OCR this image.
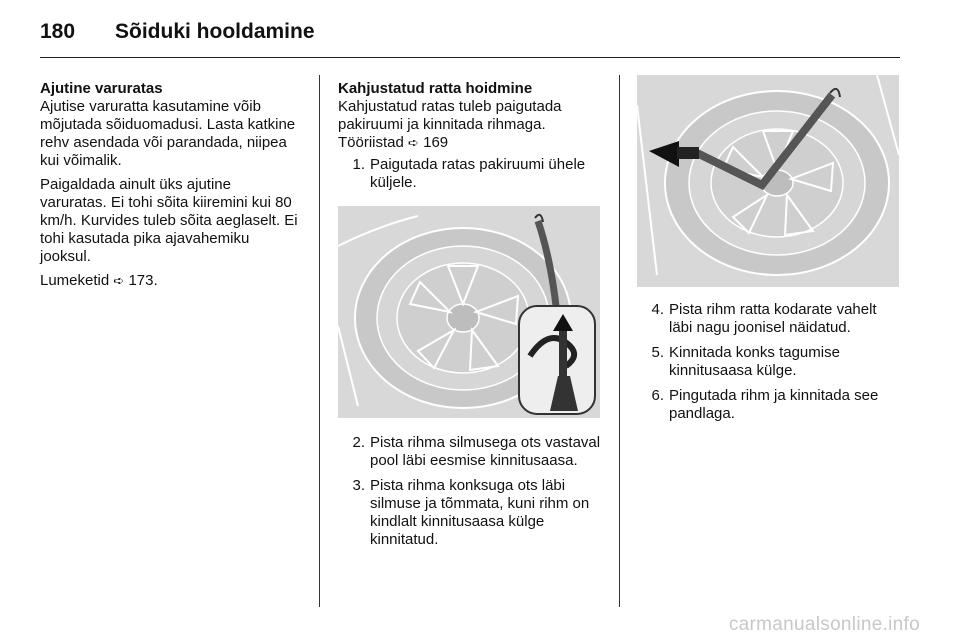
180	Sõiduki hooldamine
Ajutine varuratas

Ajutise varuratta kasutamine võib mõjutada sõiduomadusi. Lasta katkine rehv asendada või parandada, niipea kui võimalik.

Paigaldada ainult üks ajutine varuratas. Ei tohi sõita kiiremini kui 80 km/h. Kurvides tuleb sõita aeglaselt. Ei tohi kasutada pika ajavahemiku jooksul.

Lumeketid ➪ 173.

Kahjustatud ratta hoidmine
Kahjustatud ratas tuleb paigutada pakiruumi ja kinnitada rihmaga.
Tööriistad ➪ 169
1. Paigutada ratas pakiruumi ühele küljele.
2. Pista rihma silmusega ots vastaval pool läbi eesmise kinnitusaasa.
3. Pista rihma konksuga ots läbi silmuse ja tõmmata, kuni rihm on kindlalt kinnitusaasa külge kinnitatud.
4. Pista rihm ratta kodarate vahelt läbi nagu joonisel näidatud.
5. Kinnitada konks tagumise kinnitusaasa külge.
6. Pingutada rihm ja kinnitada see pandlaga.
carmanualsonline.info
